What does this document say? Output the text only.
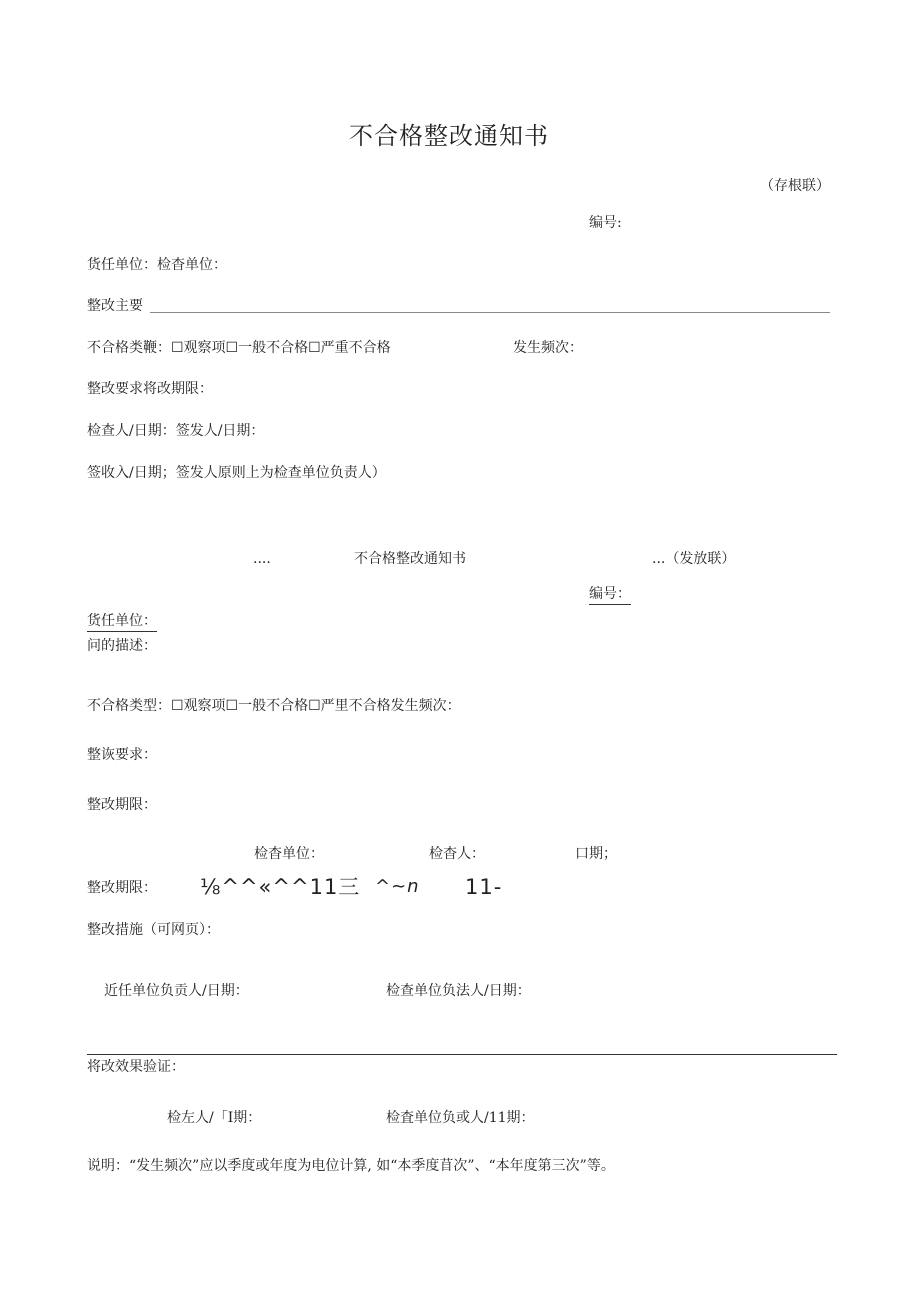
不合格整改通知书
（存根联）
编号:
货任单位：检杳单位：
整改主要
不合格类鞭：☐观察项☐一般不合格☐严重不合格	发生频次：
整改要求将改期限：
检查人/日期：签发人/日期：
签收入/日期；签发人原则上为检查单位负责人）
....	不合格整改通知书	...（发放联）
编号：
货任单位：
问的描述：
不合格类型：☐观察项☐一般不合格☐严里不合格发生频次：
整诙要求：
整改期限：
检杳单位：	检杳人：	口期；
整改期限： ⅛^^«^^11三 ^~n 11-
整改措施（可网页）：
近任单位负贡人/日期：	检查单位负法人/日期：
将改效果验证：
检左人/「Ⅰ期：	检査单位负或人/11期：
说明：“发生频次”应以季度或年度为电位计算, 如“本季度苜次”、“本年度第三次”等。
